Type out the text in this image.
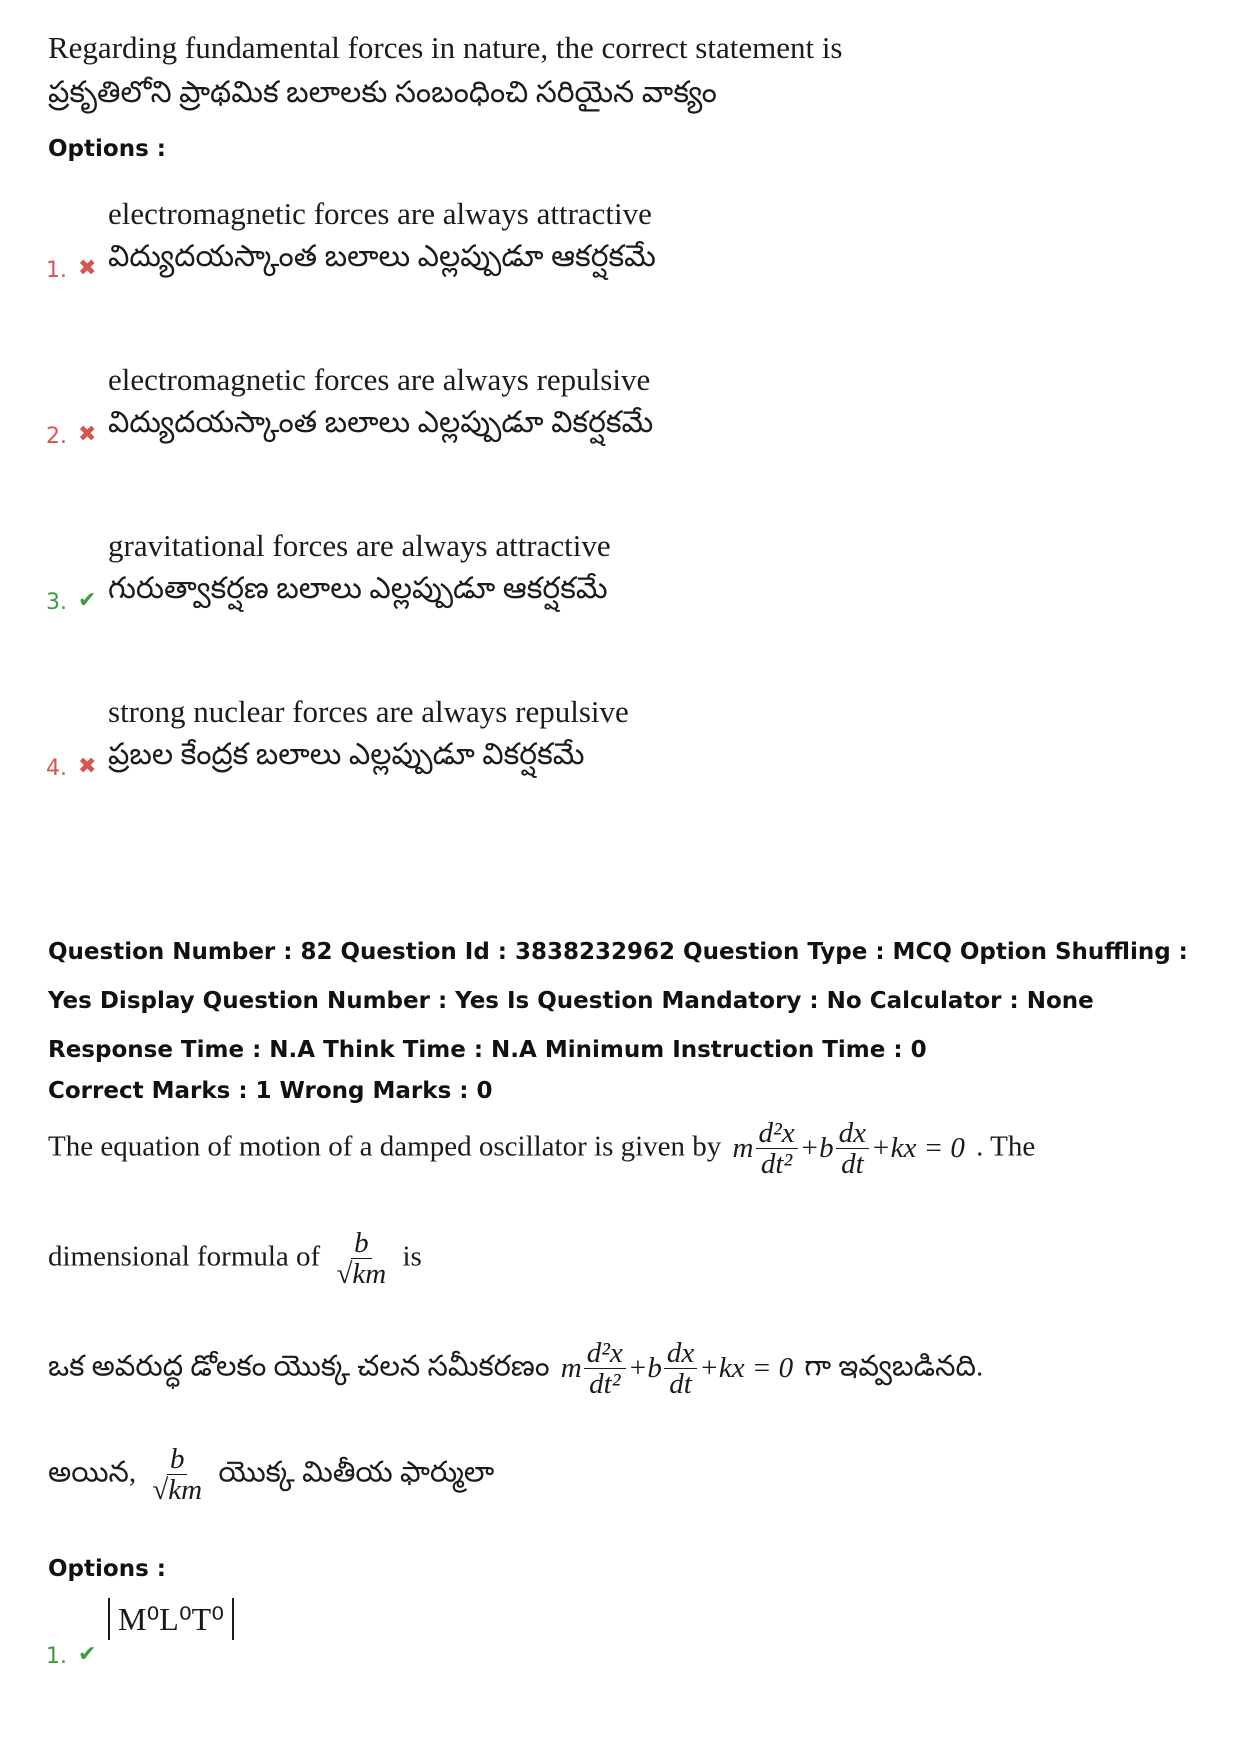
Regarding fundamental forces in nature, the correct statement is
ప్రకృతిలోని ప్రాథమిక బలాలకు సంబంధించి సరియైన వాక్యం
Options :
electromagnetic forces are always attractive
విద్యుదయస్కాంత బలాలు ఎల్లప్పుడూ ఆకర్షకమే
1. ✖
electromagnetic forces are always repulsive
విద్యుదయస్కాంత బలాలు ఎల్లప్పుడూ వికర్షకమే
2. ✖
gravitational forces are always attractive
గురుత్వాకర్షణ బలాలు ఎల్లప్పుడూ ఆకర్షకమే
3. ✔
strong nuclear forces are always repulsive
ప్రబల కేంద్రక బలాలు ఎల్లప్పుడూ వికర్షకమే
4. ✖
Question Number : 82 Question Id : 3838232962 Question Type : MCQ Option Shuffling : Yes Display Question Number : Yes Is Question Mandatory : No Calculator : None Response Time : N.A Think Time : N.A Minimum Instruction Time : 0
Correct Marks : 1 Wrong Marks : 0
The equation of motion of a damped oscillator is given by m $\frac{\text{d²x}}{\text{dt²}} +b \frac{dx}{dt} +kx = 0$ . The
dimensional formula of $\frac{b}{√km}$ is
ఒక అవరుద్ధ డోలకం యొక్క చలన సమీకరణం m $\frac{\text{d²x}}{\text{dt²}} +b \frac{dx}{dt} +kx = 0$ గా ఇవ్వబడినది.
అయిన, $\frac{b}{√km}$ యొక్క మితీయ ఫార్ములా
Options :
1. ✔
M⁰L⁰T⁰
